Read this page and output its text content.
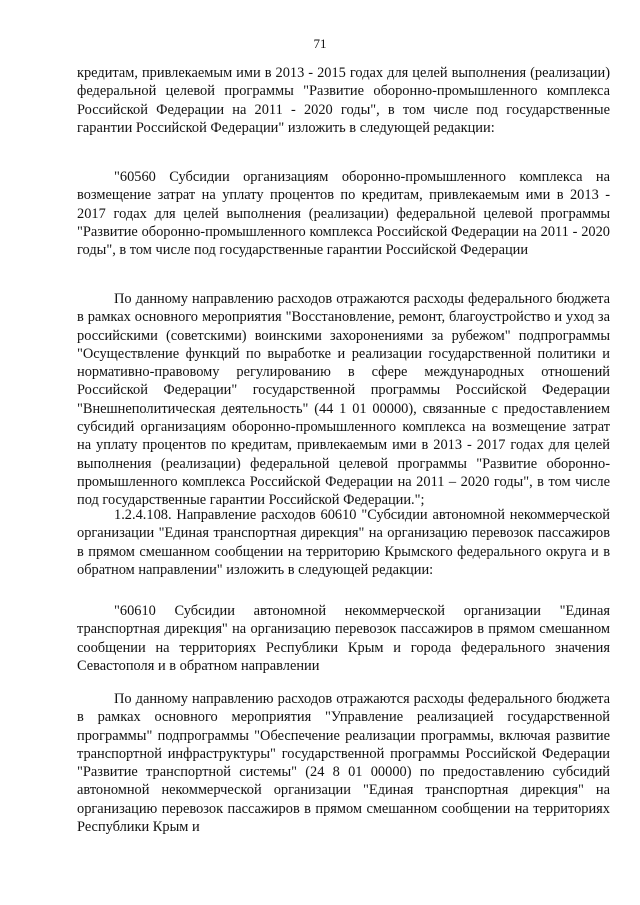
71

кредитам, привлекаемым ими в 2013 - 2015 годах для целей выполнения (реализации) федеральной целевой программы "Развитие оборонно-промышленного комплекса Российской Федерации на 2011 - 2020 годы", в том числе под государственные гарантии Российской Федерации" изложить в следующей редакции:

"60560 Субсидии организациям оборонно-промышленного комплекса на возмещение затрат на уплату процентов по кредитам, привлекаемым ими в 2013 - 2017 годах для целей выполнения (реализации) федеральной целевой программы "Развитие оборонно-промышленного комплекса Российской Федерации на 2011 - 2020 годы", в том числе под государственные гарантии Российской Федерации

По данному направлению расходов отражаются расходы федерального бюджета в рамках основного мероприятия "Восстановление, ремонт, благоустройство и уход за российскими (советскими) воинскими захоронениями за рубежом" подпрограммы "Осуществление функций по выработке и реализации государственной политики и нормативно-правовому регулированию в сфере международных отношений Российской Федерации" государственной программы Российской Федерации "Внешнеполитическая деятельность" (44 1 01 00000), связанные с предоставлением субсидий организациям оборонно-промышленного комплекса на возмещение затрат на уплату процентов по кредитам, привлекаемым ими в 2013 - 2017 годах для целей выполнения (реализации) федеральной целевой программы "Развитие оборонно-промышленного комплекса Российской Федерации на 2011 – 2020 годы", в том числе под государственные гарантии Российской Федерации.";

1.2.4.108. Направление расходов 60610 "Субсидии автономной некоммерческой организации "Единая транспортная дирекция" на организацию перевозок пассажиров в прямом смешанном сообщении на территорию Крымского федерального округа и в обратном направлении" изложить в следующей редакции:

"60610 Субсидии автономной некоммерческой организации "Единая транспортная дирекция" на организацию перевозок пассажиров в прямом смешанном сообщении на территориях Республики Крым и города федерального значения Севастополя и в обратном направлении

По данному направлению расходов отражаются расходы федерального бюджета в рамках основного мероприятия "Управление реализацией государственной программы" подпрограммы "Обеспечение реализации программы, включая развитие транспортной инфраструктуры" государственной программы Российской Федерации "Развитие транспортной системы" (24 8 01 00000) по предоставлению субсидий автономной некоммерческой организации "Единая транспортная дирекция" на организацию перевозок пассажиров в прямом смешанном сообщении на территориях Республики Крым и
